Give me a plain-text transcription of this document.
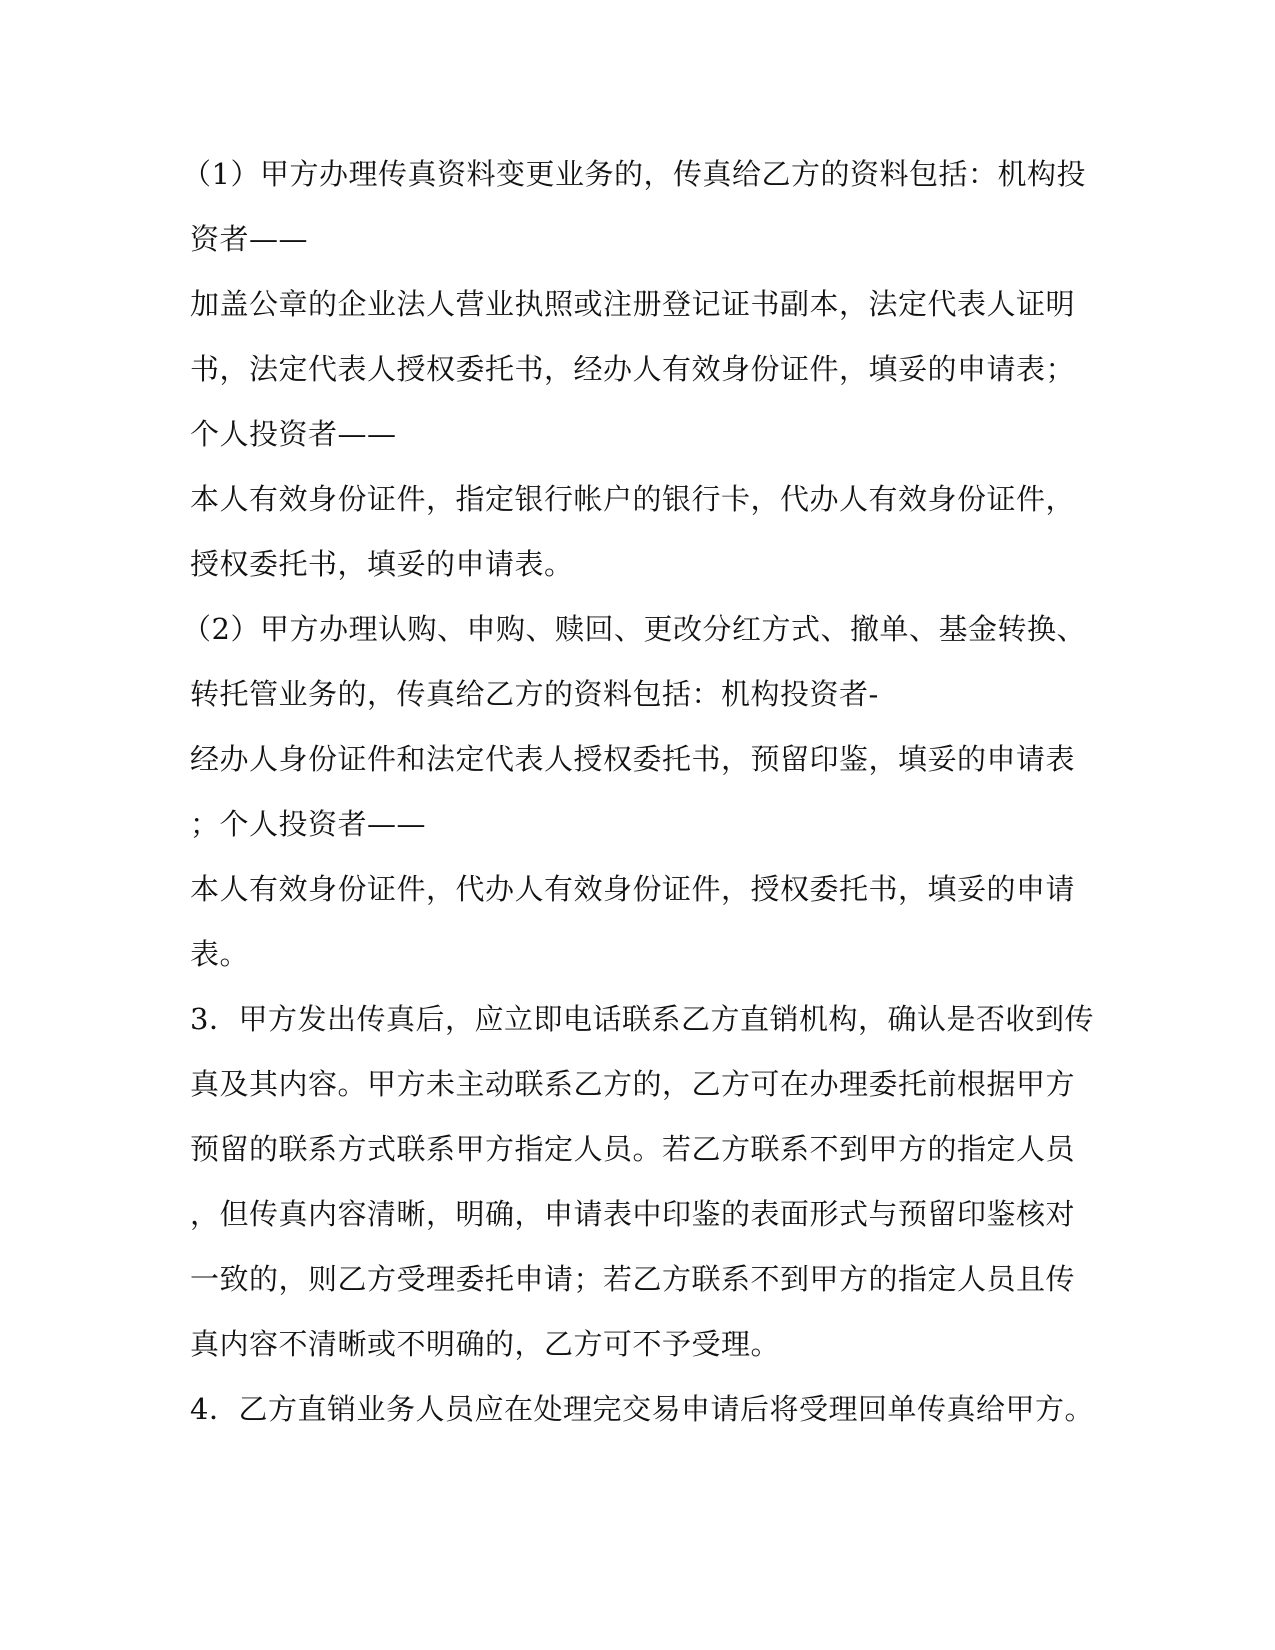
（1）甲方办理传真资料变更业务的，传真给乙方的资料包括：机构投
资者——
加盖公章的企业法人营业执照或注册登记证书副本，法定代表人证明
书，法定代表人授权委托书，经办人有效身份证件，填妥的申请表；
个人投资者——
本人有效身份证件，指定银行帐户的银行卡，代办人有效身份证件，
授权委托书，填妥的申请表。
（2）甲方办理认购、申购、赎回、更改分红方式、撤单、基金转换、
转托管业务的，传真给乙方的资料包括：机构投资者-
经办人身份证件和法定代表人授权委托书，预留印鉴，填妥的申请表
；个人投资者——
本人有效身份证件，代办人有效身份证件，授权委托书，填妥的申请
表。
3．甲方发出传真后，应立即电话联系乙方直销机构，确认是否收到传
真及其内容。甲方未主动联系乙方的，乙方可在办理委托前根据甲方
预留的联系方式联系甲方指定人员。若乙方联系不到甲方的指定人员
，但传真内容清晰，明确，申请表中印鉴的表面形式与预留印鉴核对
一致的，则乙方受理委托申请；若乙方联系不到甲方的指定人员且传
真内容不清晰或不明确的，乙方可不予受理。
4．乙方直销业务人员应在处理完交易申请后将受理回单传真给甲方。
